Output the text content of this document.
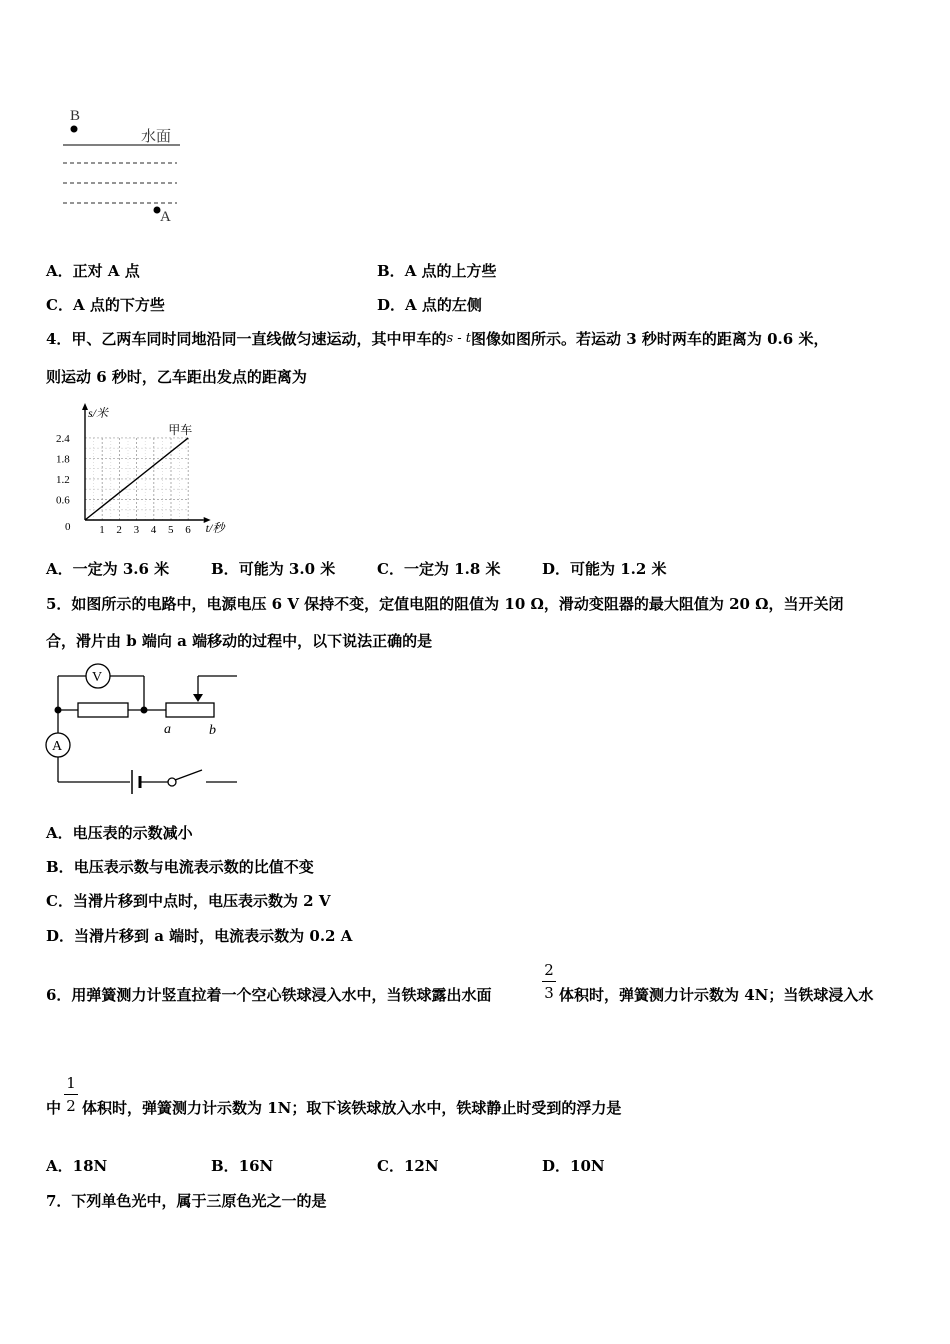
B
水面
A
A．正对 A 点	B．A 点的上方些
C．A 点的下方些	D．A 点的左侧
4．甲、乙两车同时同地沿同一直线做匀速运动，其中甲车的s - t图像如图所示。若运动 3 秒时两车的距离为 0.6 米，
则运动 6 秒时，乙车距出发点的距离为
1 2 3 4 5 6
0.6
1.2
1.8
2.4
0	t/秒
s/米
甲车
A．一定为 3.6 米	B．可能为 3.0 米	C．一定为 1.8 米	D．可能为 1.2 米
5．如图所示的电路中，电源电压 6 V 保持不变，定值电阻的阻值为 10 Ω，滑动变阻器的最大阻值为 20 Ω，当开关闭
合，滑片由 b 端向 a 端移动的过程中，以下说法正确的是
V
a	b
A
A．电压表的示数减小
B．电压表示数与电流表示数的比值不变
C．当滑片移到中点时，电压表示数为 2 V
D．当滑片移到 a 端时，电流表示数为 0.2 A
6．用弹簧测力计竖直拉着一个空心铁球浸入水中，当铁球露出水面
2
3 体积时，弹簧测力计示数为 4N；当铁球浸入水
中
1
2 体积时，弹簧测力计示数为 1N；取下该铁球放入水中，铁球静止时受到的浮力是
A．18N	B．16N	C．12N	D．10N
7．下列单色光中，属于三原色光之一的是
